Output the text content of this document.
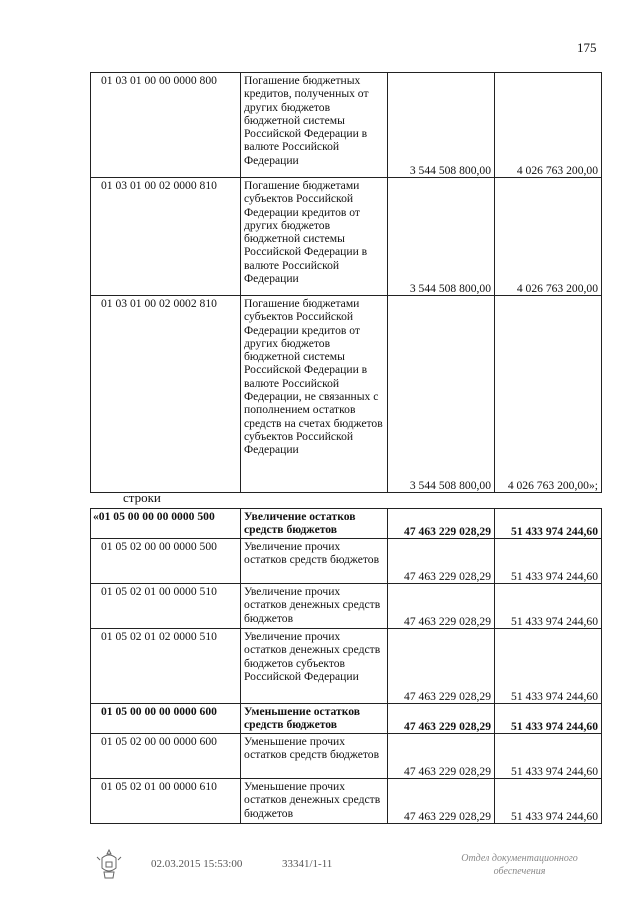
175
01 03 01 00 00 0000 800	Погашение бюджетных кредитов, полученных от других бюджетов бюджетной системы Российской Федерации в валюте Российской Федерации	3 544 508 800,00	4 026 763 200,00
01 03 01 00 02 0000 810	Погашение бюджетами субъектов Российской Федерации кредитов от других бюджетов бюджетной системы Российской Федерации в валюте Российской Федерации	3 544 508 800,00	4 026 763 200,00
01 03 01 00 02 0002 810	Погашение бюджетами субъектов Российской Федерации кредитов от других бюджетов бюджетной системы Российской Федерации в валюте Российской Федерации, не связанных с пополнением остатков средств на счетах бюджетов субъектов Российской Федерации	3 544 508 800,00	4 026 763 200,00»;
строки
«01 05 00 00 00 0000 500	Увеличение остатков средств бюджетов	47 463 229 028,29	51 433 974 244,60
01 05 02 00 00 0000 500	Увеличение прочих остатков средств бюджетов	47 463 229 028,29	51 433 974 244,60
01 05 02 01 00 0000 510	Увеличение прочих остатков денежных средств бюджетов	47 463 229 028,29	51 433 974 244,60
01 05 02 01 02 0000 510	Увеличение прочих остатков денежных средств бюджетов субъектов Российской Федерации	47 463 229 028,29	51 433 974 244,60
01 05 00 00 00 0000 600	Уменьшение остатков средств бюджетов	47 463 229 028,29	51 433 974 244,60
01 05 02 00 00 0000 600	Уменьшение прочих остатков средств бюджетов	47 463 229 028,29	51 433 974 244,60
01 05 02 01 00 0000 610	Уменьшение прочих остатков денежных средств бюджетов	47 463 229 028,29	51 433 974 244,60
02.03.2015 15:53:00	33341/1-11	Отдел документационного обеспечения
